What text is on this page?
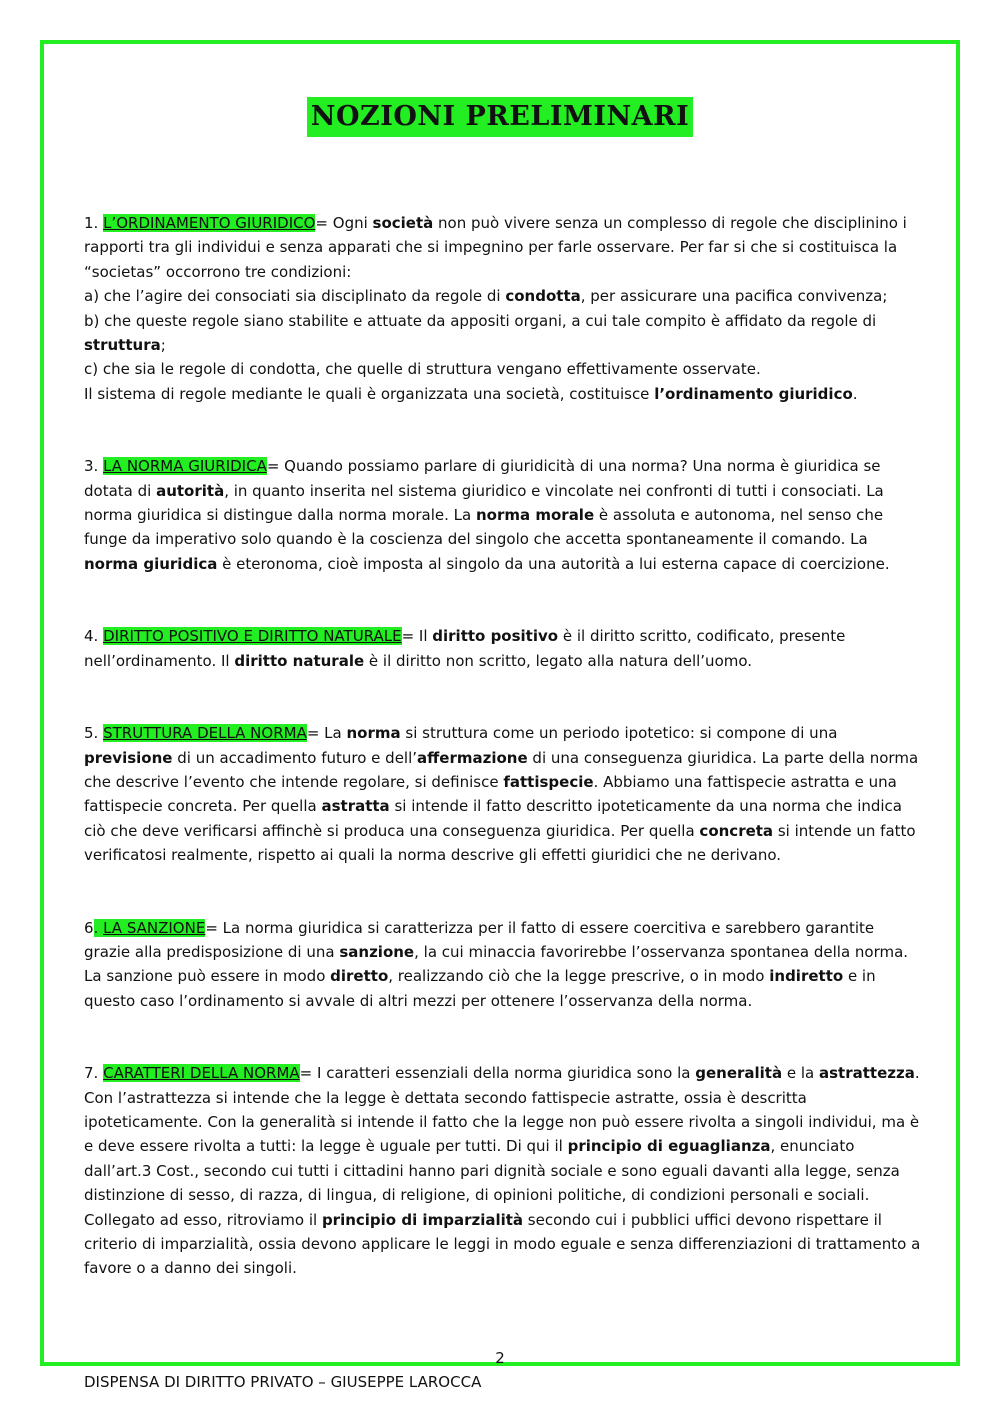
NOZIONI PRELIMINARI

1. L’ORDINAMENTO GIURIDICO= Ogni società non può vivere senza un complesso di regole che disciplinino i rapporti tra gli individui e senza apparati che si impegnino per farle osservare. Per far si che si costituisca la “societas” occorrono tre condizioni:

a) che l’agire dei consociati sia disciplinato da regole di condotta, per assicurare una pacifica convivenza;

b) che queste regole siano stabilite e attuate da appositi organi, a cui tale compito è affidato da regole di struttura;

c) che sia le regole di condotta, che quelle di struttura vengano effettivamente osservate.

Il sistema di regole mediante le quali è organizzata una società, costituisce l’ordinamento giuridico.

3. LA NORMA GIURIDICA= Quando possiamo parlare di giuridicità di una norma? Una norma è giuridica se dotata di autorità, in quanto inserita nel sistema giuridico e vincolate nei confronti di tutti i consociati. La norma giuridica si distingue dalla norma morale. La norma morale è assoluta e autonoma, nel senso che funge da imperativo solo quando è la coscienza del singolo che accetta spontaneamente il comando. La norma giuridica è eteronoma, cioè imposta al singolo da una autorità a lui esterna capace di coercizione.

4. DIRITTO POSITIVO E DIRITTO NATURALE= Il diritto positivo è il diritto scritto, codificato, presente nell’ordinamento. Il diritto naturale è il diritto non scritto, legato alla natura dell’uomo.

5. STRUTTURA DELLA NORMA= La norma si struttura come un periodo ipotetico: si compone di una previsione di un accadimento futuro e dell’affermazione di una conseguenza giuridica. La parte della norma che descrive l’evento che intende regolare, si definisce fattispecie. Abbiamo una fattispecie astratta e una fattispecie concreta. Per quella astratta si intende il fatto descritto ipoteticamente da una norma che indica ciò che deve verificarsi affinchè si produca una conseguenza giuridica. Per quella concreta si intende un fatto verificatosi realmente, rispetto ai quali la norma descrive gli effetti giuridici che ne derivano.

6. LA SANZIONE= La norma giuridica si caratterizza per il fatto di essere coercitiva e sarebbero garantite grazie alla predisposizione di una sanzione, la cui minaccia favorirebbe l’osservanza spontanea della norma. La sanzione può essere in modo diretto, realizzando ciò che la legge prescrive, o in modo indiretto e in questo caso l’ordinamento si avvale di altri mezzi per ottenere l’osservanza della norma.

7. CARATTERI DELLA NORMA= I caratteri essenziali della norma giuridica sono la generalità e la astrattezza. Con l’astrattezza si intende che la legge è dettata secondo fattispecie astratte, ossia è descritta ipoteticamente. Con la generalità si intende il fatto che la legge non può essere rivolta a singoli individui, ma è e deve essere rivolta a tutti: la legge è uguale per tutti. Di qui il principio di eguaglianza, enunciato dall’art.3 Cost., secondo cui tutti i cittadini hanno pari dignità sociale e sono eguali davanti alla legge, senza distinzione di sesso, di razza, di lingua, di religione, di opinioni politiche, di condizioni personali e sociali. Collegato ad esso, ritroviamo il principio di imparzialità secondo cui i pubblici uffici devono rispettare il criterio di imparzialità, ossia devono applicare le leggi in modo eguale e senza differenziazioni di trattamento a favore o a danno dei singoli.

2
DISPENSA DI DIRITTO PRIVATO – GIUSEPPE LAROCCA
